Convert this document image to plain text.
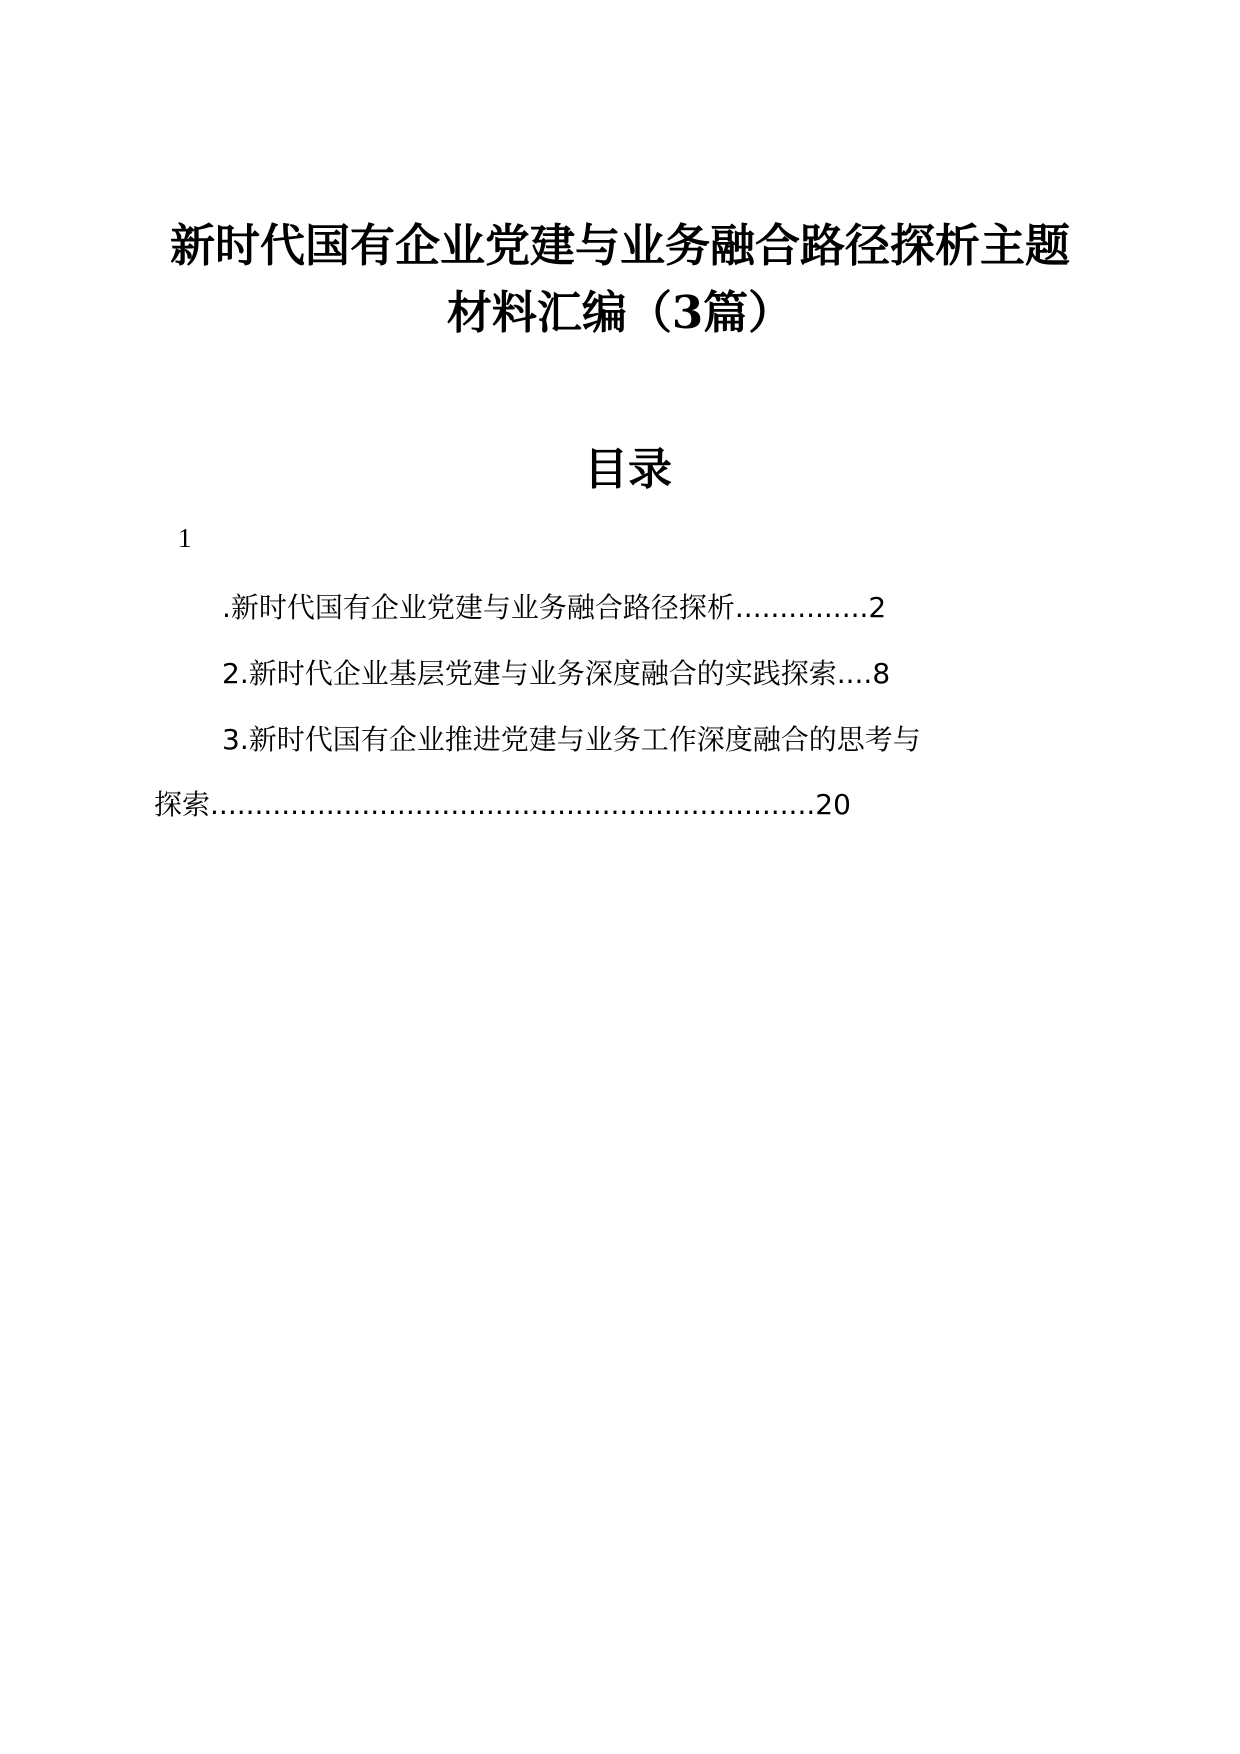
新时代国有企业党建与业务融合路径探析主题
材料汇编（3篇）
目录
1
.新时代国有企业党建与业务融合路径探析...............2
2.新时代企业基层党建与业务深度融合的实践探索....8
3.新时代国有企业推进党建与业务工作深度融合的思考与
探索....................................................................20
